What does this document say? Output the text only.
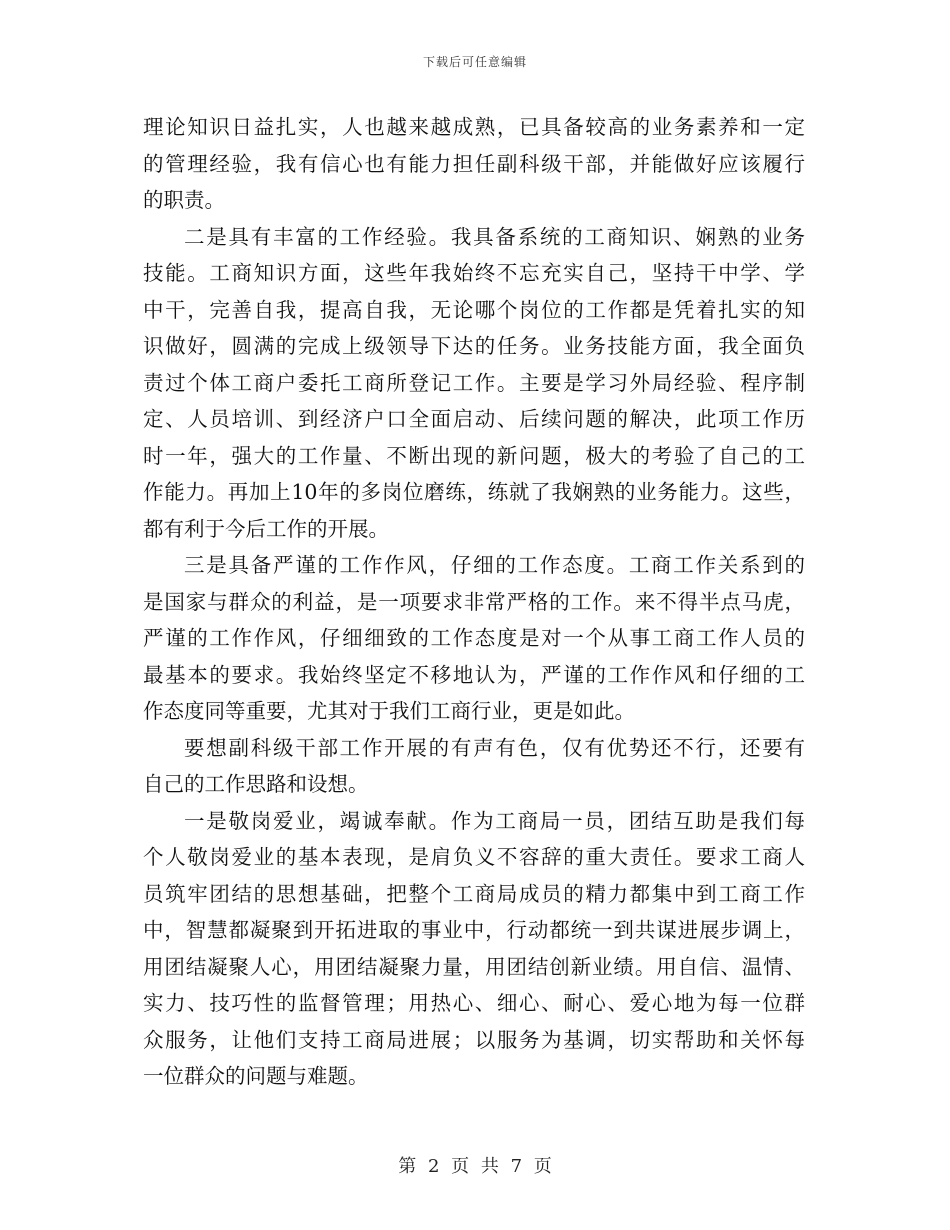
下载后可任意编辑
理论知识日益扎实，人也越来越成熟，已具备较高的业务素养和一定
的管理经验，我有信心也有能力担任副科级干部，并能做好应该履行
的职责。
二是具有丰富的工作经验。我具备系统的工商知识、娴熟的业务
技能。工商知识方面，这些年我始终不忘充实自己，坚持干中学、学
中干，完善自我，提高自我，无论哪个岗位的工作都是凭着扎实的知
识做好，圆满的完成上级领导下达的任务。业务技能方面，我全面负
责过个体工商户委托工商所登记工作。主要是学习外局经验、程序制
定、人员培训、到经济户口全面启动、后续问题的解决，此项工作历
时一年，强大的工作量、不断出现的新问题，极大的考验了自己的工
作能力。再加上10年的多岗位磨练，练就了我娴熟的业务能力。这些，
都有利于今后工作的开展。
三是具备严谨的工作作风，仔细的工作态度。工商工作关系到的
是国家与群众的利益，是一项要求非常严格的工作。来不得半点马虎，
严谨的工作作风，仔细细致的工作态度是对一个从事工商工作人员的
最基本的要求。我始终坚定不移地认为，严谨的工作作风和仔细的工
作态度同等重要，尤其对于我们工商行业，更是如此。
要想副科级干部工作开展的有声有色，仅有优势还不行，还要有
自己的工作思路和设想。
一是敬岗爱业，竭诚奉献。作为工商局一员，团结互助是我们每
个人敬岗爱业的基本表现，是肩负义不容辞的重大责任。要求工商人
员筑牢团结的思想基础，把整个工商局成员的精力都集中到工商工作
中，智慧都凝聚到开拓进取的事业中，行动都统一到共谋进展步调上，
用团结凝聚人心，用团结凝聚力量，用团结创新业绩。用自信、温情、
实力、技巧性的监督管理；用热心、细心、耐心、爱心地为每一位群
众服务，让他们支持工商局进展；以服务为基调，切实帮助和关怀每
一位群众的问题与难题。
第 2 页 共 7 页
